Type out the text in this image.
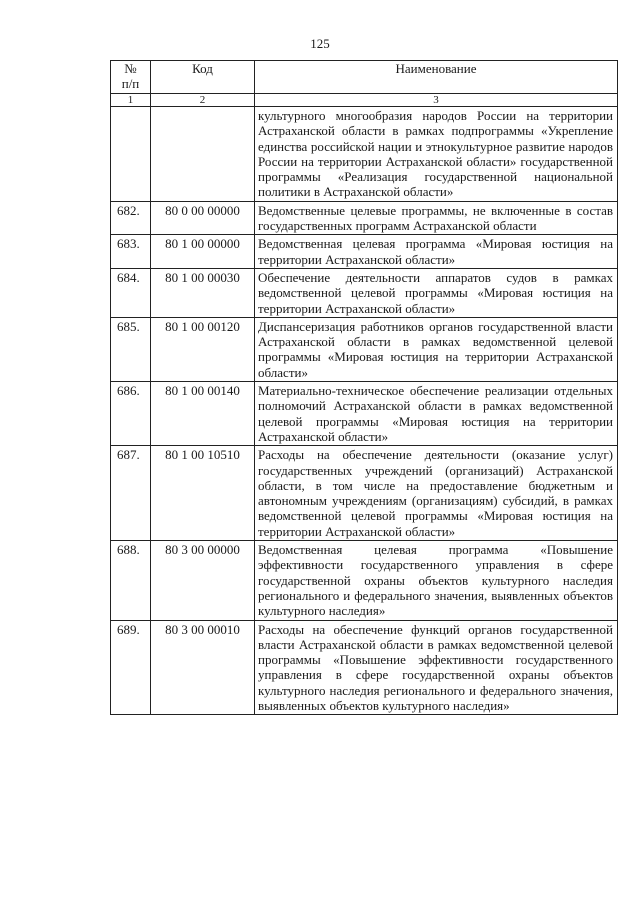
125
№
п/п	Код	Наименование
1	2	3
		культурного многообразия народов России на территории Астраханской области в рамках подпрограммы «Укрепление единства российской нации и этнокультурное развитие народов России на территории Астраханской области» государственной программы «Реализация государственной национальной политики в Астраханской области»
682.	80 0 00 00000	Ведомственные целевые программы, не включенные в состав государственных программ Астраханской области
683.	80 1 00 00000	Ведомственная целевая программа «Мировая юстиция на территории Астраханской области»
684.	80 1 00 00030	Обеспечение деятельности аппаратов судов в рамках ведомственной целевой программы «Мировая юстиция на территории Астраханской области»
685.	80 1 00 00120	Диспансеризация работников органов государственной власти Астраханской области в рамках ведомственной целевой программы «Мировая юстиция на территории Астраханской области»
686.	80 1 00 00140	Материально-техническое обеспечение реализации отдельных полномочий Астраханской области в рамках ведомственной целевой программы «Мировая юстиция на территории Астраханской области»
687.	80 1 00 10510	Расходы на обеспечение деятельности (оказание услуг) государственных учреждений (организаций) Астраханской области, в том числе на предоставление бюджетным и автономным учреждениям (организациям) субсидий, в рамках ведомственной целевой программы «Мировая юстиция на территории Астраханской области»
688.	80 3 00 00000	Ведомственная целевая программа «Повышение эффективности государственного управления в сфере государственной охраны объектов культурного наследия регионального и федерального значения, выявленных объектов культурного наследия»
689.	80 3 00 00010	Расходы на обеспечение функций органов государственной власти Астраханской области в рамках ведомственной целевой программы «Повышение эффективности государственного управления в сфере государственной охраны объектов культурного наследия регионального и федерального значения, выявленных объектов культурного наследия»
